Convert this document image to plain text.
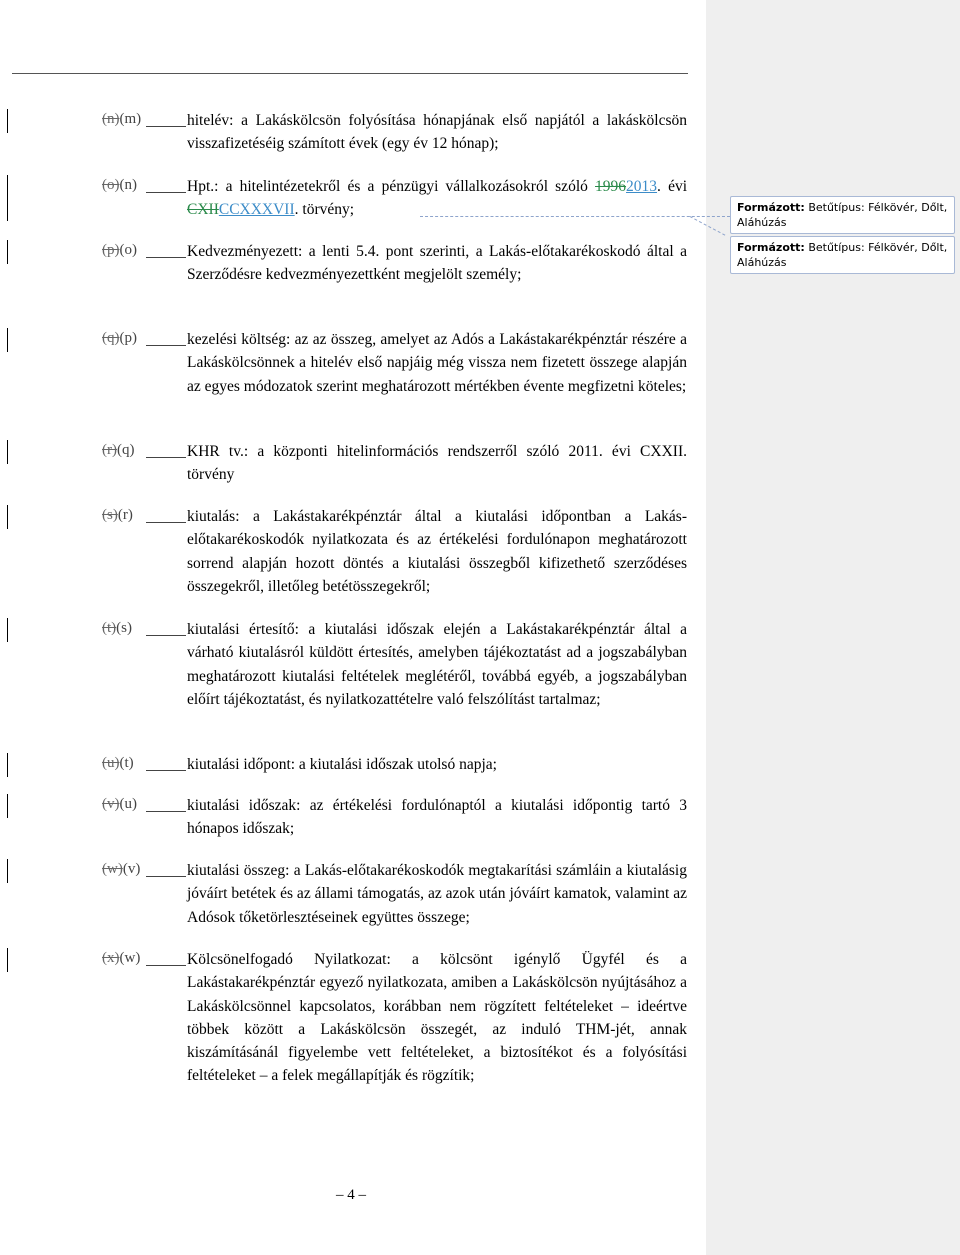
(n)(m)	hitelév: a Lakáskölcsön folyósítása hónapjának első napjától a lakáskölcsön visszafizetéséig számított évek (egy év 12 hónap);
(o)(n)	Hpt.: a hitelintézetekről és a pénzügyi vállalkozásokról szóló 19962013. évi CXIICCXXXVII. törvény;
(p)(o)	Kedvezményezett: a lenti 5.4. pont szerinti, a Lakás-előtakarékoskodó által a Szerződésre kedvezményezettként megjelölt személy;
(q)(p)	kezelési költség: az az összeg, amelyet az Adós a Lakástakarékpénztár részére a Lakáskölcsönnek a hitelév első napjáig még vissza nem fizetett összege alapján az egyes módozatok szerint meghatározott mértékben évente megfizetni köteles;
(r)(q)	KHR tv.: a központi hitelinformációs rendszerről szóló 2011. évi CXXII. törvény
(s)(r)	kiutalás: a Lakástakarékpénztár által a kiutalási időpontban a Lakás-előtakarékoskodók nyilatkozata és az értékelési fordulónapon meghatározott sorrend alapján hozott döntés a kiutalási összegből kifizethető szerződéses összegekről, illetőleg betétösszegekről;
(t)(s)	kiutalási értesítő: a kiutalási időszak elején a Lakástakarékpénztár által a várható kiutalásról küldött értesítés, amelyben tájékoztatást ad a jogszabályban meghatározott kiutalási feltételek meglétéről, továbbá egyéb, a jogszabályban előírt tájékoztatást, és nyilatkozattételre való felszólítást tartalmaz;
(u)(t)	kiutalási időpont: a kiutalási időszak utolsó napja;
(v)(u)	kiutalási időszak: az értékelési fordulónaptól a kiutalási időpontig tartó 3 hónapos időszak;
(w)(v)	kiutalási összeg: a Lakás-előtakarékoskodók megtakarítási számláin a kiutalásig jóváírt betétek és az állami támogatás, az azok után jóváírt kamatok, valamint az Adósok tőketörlesztéseinek együttes összege;
(x)(w)	Kölcsönelfogadó Nyilatkozat: a kölcsönt igénylő Ügyfél és a Lakástakarékpénztár egyező nyilatkozata, amiben a Lakáskölcsön nyújtásához a Lakáskölcsönnel kapcsolatos, korábban nem rögzített feltételeket – ideértve többek között a Lakáskölcsön összegét, az induló THM-jét, annak kiszámításánál figyelembe vett feltételeket, a biztosítékot és a folyósítási feltételeket – a felek megállapítják és rögzítik;
Formázott: Betűtípus: Félkövér, Dőlt, Aláhúzás
Formázott: Betűtípus: Félkövér, Dőlt, Aláhúzás
– 4 –
